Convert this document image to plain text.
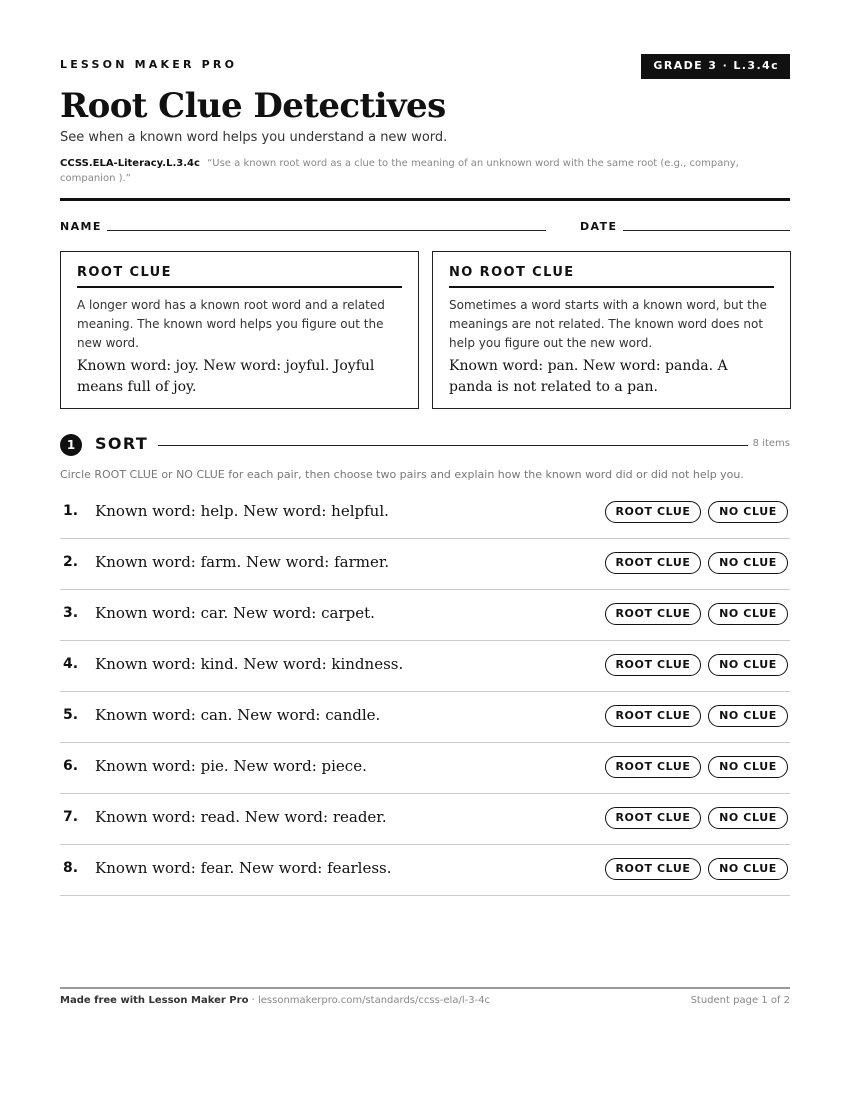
LESSON MAKER PRO	GRADE 3 · L.3.4c
Root Clue Detectives
See when a known word helps you understand a new word.
CCSS.ELA-Literacy.L.3.4c “Use a known root word as a clue to the meaning of an unknown word with the same root (e.g., company, companion ).”
NAME	DATE
ROOT CLUE
A longer word has a known root word and a related meaning. The known word helps you figure out the new word.
Known word: joy. New word: joyful. Joyful means full of joy.
NO ROOT CLUE
Sometimes a word starts with a known word, but the meanings are not related. The known word does not help you figure out the new word.
Known word: pan. New word: panda. A panda is not related to a pan.
1	SORT	8 items
Circle ROOT CLUE or NO CLUE for each pair, then choose two pairs and explain how the known word did or did not help you.
1. Known word: help. New word: helpful.	ROOT CLUE	NO CLUE
2. Known word: farm. New word: farmer.	ROOT CLUE	NO CLUE
3. Known word: car. New word: carpet.	ROOT CLUE	NO CLUE
4. Known word: kind. New word: kindness.	ROOT CLUE	NO CLUE
5. Known word: can. New word: candle.	ROOT CLUE	NO CLUE
6. Known word: pie. New word: piece.	ROOT CLUE	NO CLUE
7. Known word: read. New word: reader.	ROOT CLUE	NO CLUE
8. Known word: fear. New word: fearless.	ROOT CLUE	NO CLUE
Made free with Lesson Maker Pro · lessonmakerpro.com/standards/ccss-ela/l-3-4c	Student page 1 of 2
